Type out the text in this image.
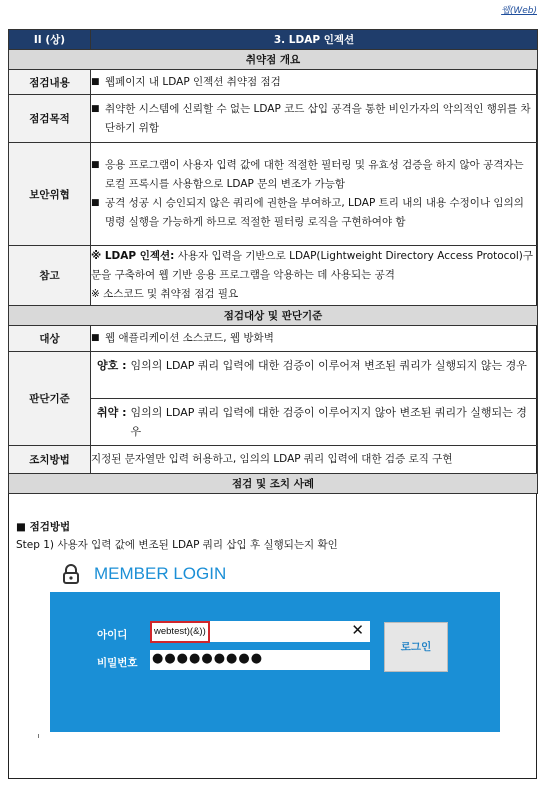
웹(Web)
II (상)	3. LDAP 인젝션
취약점 개요	
점검내용	■ 웹페이지 내 LDAP 인젝션 취약점 점검

점검목적	■ 취약한 시스템에 신뢰할 수 없는 LDAP 코드 삽입 공격을 통한 비인가자의 악의적인 행위를 차단하기 위함

보안위협	■ 응용 프로그램이 사용자 입력 값에 대한 적절한 필터링 및 유효성 검증을 하지 않아 공격자는 로컬 프록시를 사용함으로 LDAP 문의 변조가 가능함
■ 공격 성공 시 승인되지 않은 쿼리에 권한을 부여하고, LDAP 트리 내의 내용 수정이나 임의의 명령 실행을 가능하게 하므로 적절한 필터링 로직을 구현하여야 함

참고	※ LDAP 인젝션: 사용자 입력을 기반으로 LDAP(Lightweight Directory Access Protocol)구문을 구축하여 웹 기반 응용 프로그램을 악용하는 데 사용되는 공격
※ 소스코드 및 취약점 점검 필요

점검대상 및 판단기준	
대상	■ 웹 애플리케이션 소스코드, 웹 방화벽

판단기준	양호 : 임의의 LDAP 쿼리 입력에 대한 검증이 이루어져 변조된 쿼리가 실행되지 않는 경우
취약 : 임의의 LDAP 쿼리 입력에 대한 검증이 이루어지지 않아 변조된 쿼리가 실행되는 경우

조치방법	지정된 문자열만 입력 허용하고, 임의의 LDAP 쿼리 입력에 대한 검증 로직 구현
점검 및 조치 사례	
■ 점검방법
Step 1) 사용자 입력 값에 변조된 LDAP 쿼리 삽입 후 실행되는지 확인
MEMBER LOGIN
아이디	webtest)(&))	✕
비밀번호 ●●●●●●●●●
로그인
